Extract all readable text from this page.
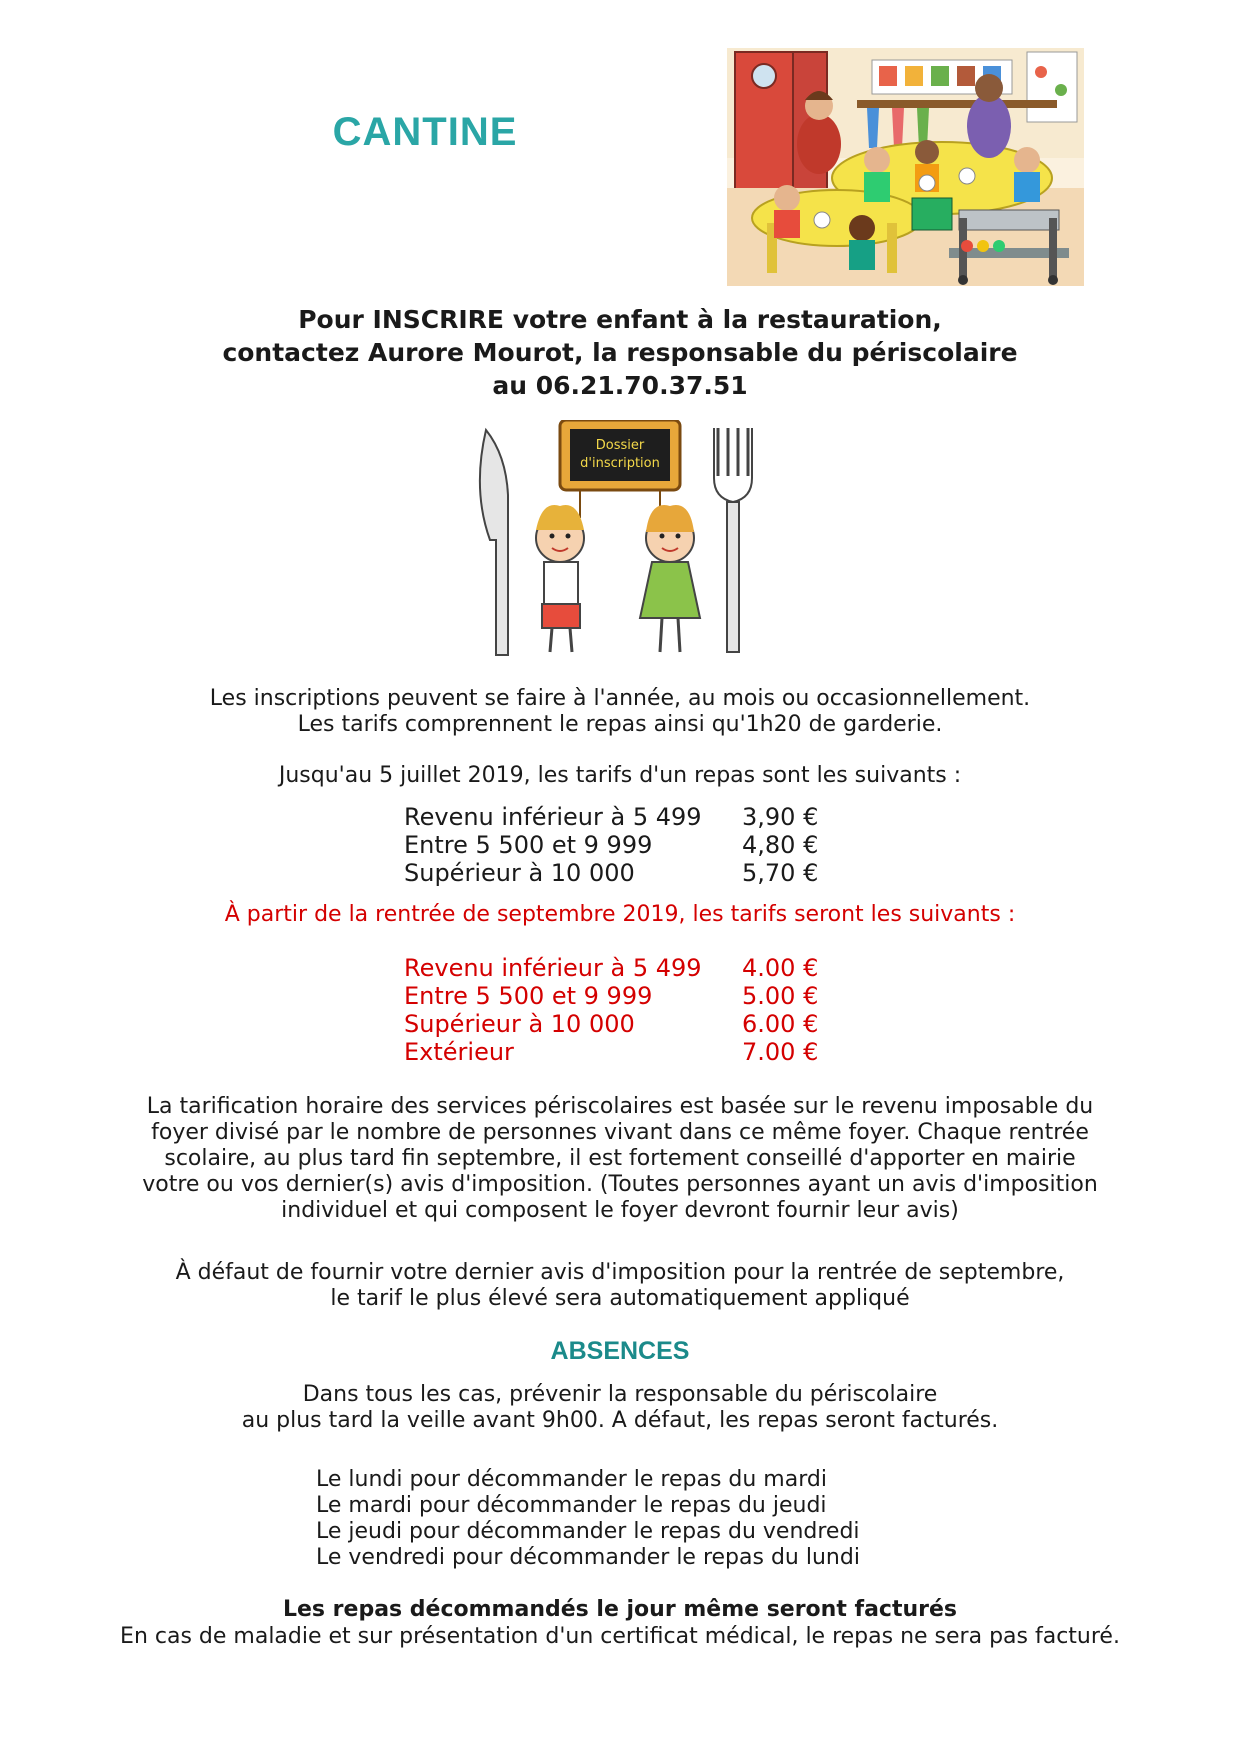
CANTINE
Pour INSCRIRE votre enfant à la restauration,
contactez Aurore Mourot, la responsable du périscolaire
au 06.21.70.37.51
Dossier
d'inscription
Les inscriptions peuvent se faire à l'année, au mois ou occasionnellement.
Les tarifs comprennent le repas ainsi qu'1h20 de garderie.
Jusqu'au 5 juillet 2019, les tarifs d'un repas sont les suivants :
Revenu inférieur à 5 499	3,90 €
Entre 5 500 et 9 999	4,80 €
Supérieur à 10 000	5,70 €
À partir de la rentrée de septembre 2019, les tarifs seront les suivants :
Revenu inférieur à 5 499	4.00 €
Entre 5 500 et 9 999	5.00 €
Supérieur à 10 000	6.00 €
Extérieur	7.00 €
La tarification horaire des services périscolaires est basée sur le revenu imposable du
foyer divisé par le nombre de personnes vivant dans ce même foyer. Chaque rentrée
scolaire, au plus tard fin septembre, il est fortement conseillé d'apporter en mairie
votre ou vos dernier(s) avis d'imposition. (Toutes personnes ayant un avis d'imposition
individuel et qui composent le foyer devront fournir leur avis)
À défaut de fournir votre dernier avis d'imposition pour la rentrée de septembre,
le tarif le plus élevé sera automatiquement appliqué
ABSENCES
Dans tous les cas, prévenir la responsable du périscolaire
au plus tard la veille avant 9h00. A défaut, les repas seront facturés.
Le lundi pour décommander le repas du mardi
Le mardi pour décommander le repas du jeudi
Le jeudi pour décommander le repas du vendredi
Le vendredi pour décommander le repas du lundi
Les repas décommandés le jour même seront facturés
En cas de maladie et sur présentation d'un certificat médical, le repas ne sera pas facturé.
